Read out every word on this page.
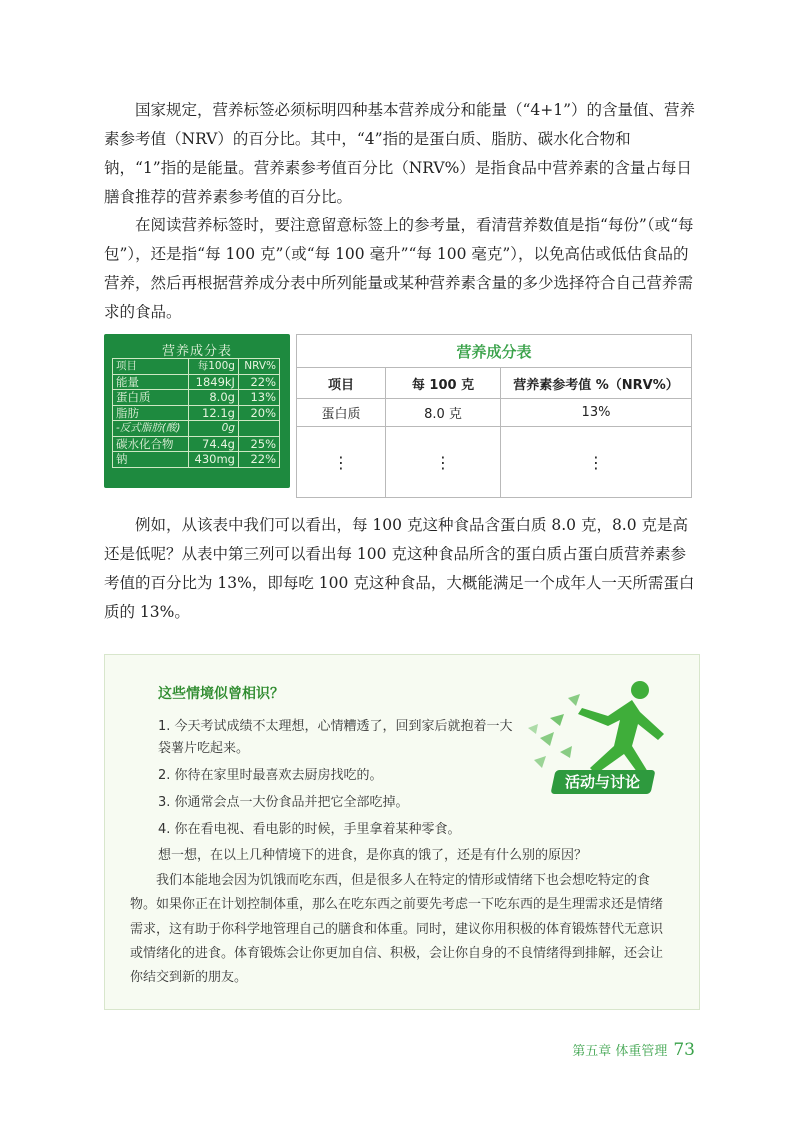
国家规定，营养标签必须标明四种基本营养成分和能量（“4+1”）的含量值、营养素参考值（NRV）的百分比。其中，“4”指的是蛋白质、脂肪、碳水化合物和钠，“1”指的是能量。营养素参考值百分比（NRV%）是指食品中营养素的含量占每日膳食推荐的营养素参考值的百分比。

在阅读营养标签时，要注意留意标签上的参考量，看清营养数值是指“每份”（或“每包”），还是指“每 100 克”（或“每 100 毫升”“每 100 毫克”），以免高估或低估食品的营养，然后再根据营养成分表中所列能量或某种营养素含量的多少选择符合自己营养需求的食品。

营养成分表
项目	每100g	NRV%
能量	1849kJ	22%
蛋白质	8.0g	13%
脂肪	12.1g	20%
-反式脂肪(酸)	0g	
碳水化合物	74.4g	25%
钠	430mg	22%
营养成分表		
项目	每 100 克	营养素参考值 %（NRV%）
蛋白质	8.0 克	13%
⋮	⋮	⋮

例如，从该表中我们可以看出，每 100 克这种食品含蛋白质 8.0 克，8.0 克是高还是低呢？从表中第三列可以看出每 100 克这种食品所含的蛋白质占蛋白质营养素参考值的百分比为 13%，即每吃 100 克这种食品，大概能满足一个成年人一天所需蛋白质的 13%。

这些情境似曾相识？
活动与讨论

1. 今天考试成绩不太理想，心情糟透了，回到家后就抱着一大袋薯片吃起来。

2. 你待在家里时最喜欢去厨房找吃的。

3. 你通常会点一大份食品并把它全部吃掉。

4. 你在看电视、看电影的时候，手里拿着某种零食。

想一想，在以上几种情境下的进食，是你真的饿了，还是有什么别的原因？

我们本能地会因为饥饿而吃东西，但是很多人在特定的情形或情绪下也会想吃特定的食物。如果你正在计划控制体重，那么在吃东西之前要先考虑一下吃东西的是生理需求还是情绪需求，这有助于你科学地管理自己的膳食和体重。同时，建议你用积极的体育锻炼替代无意识或情绪化的进食。体育锻炼会让你更加自信、积极，会让你自身的不良情绪得到排解，还会让你结交到新的朋友。

第五章 体重管理 73
